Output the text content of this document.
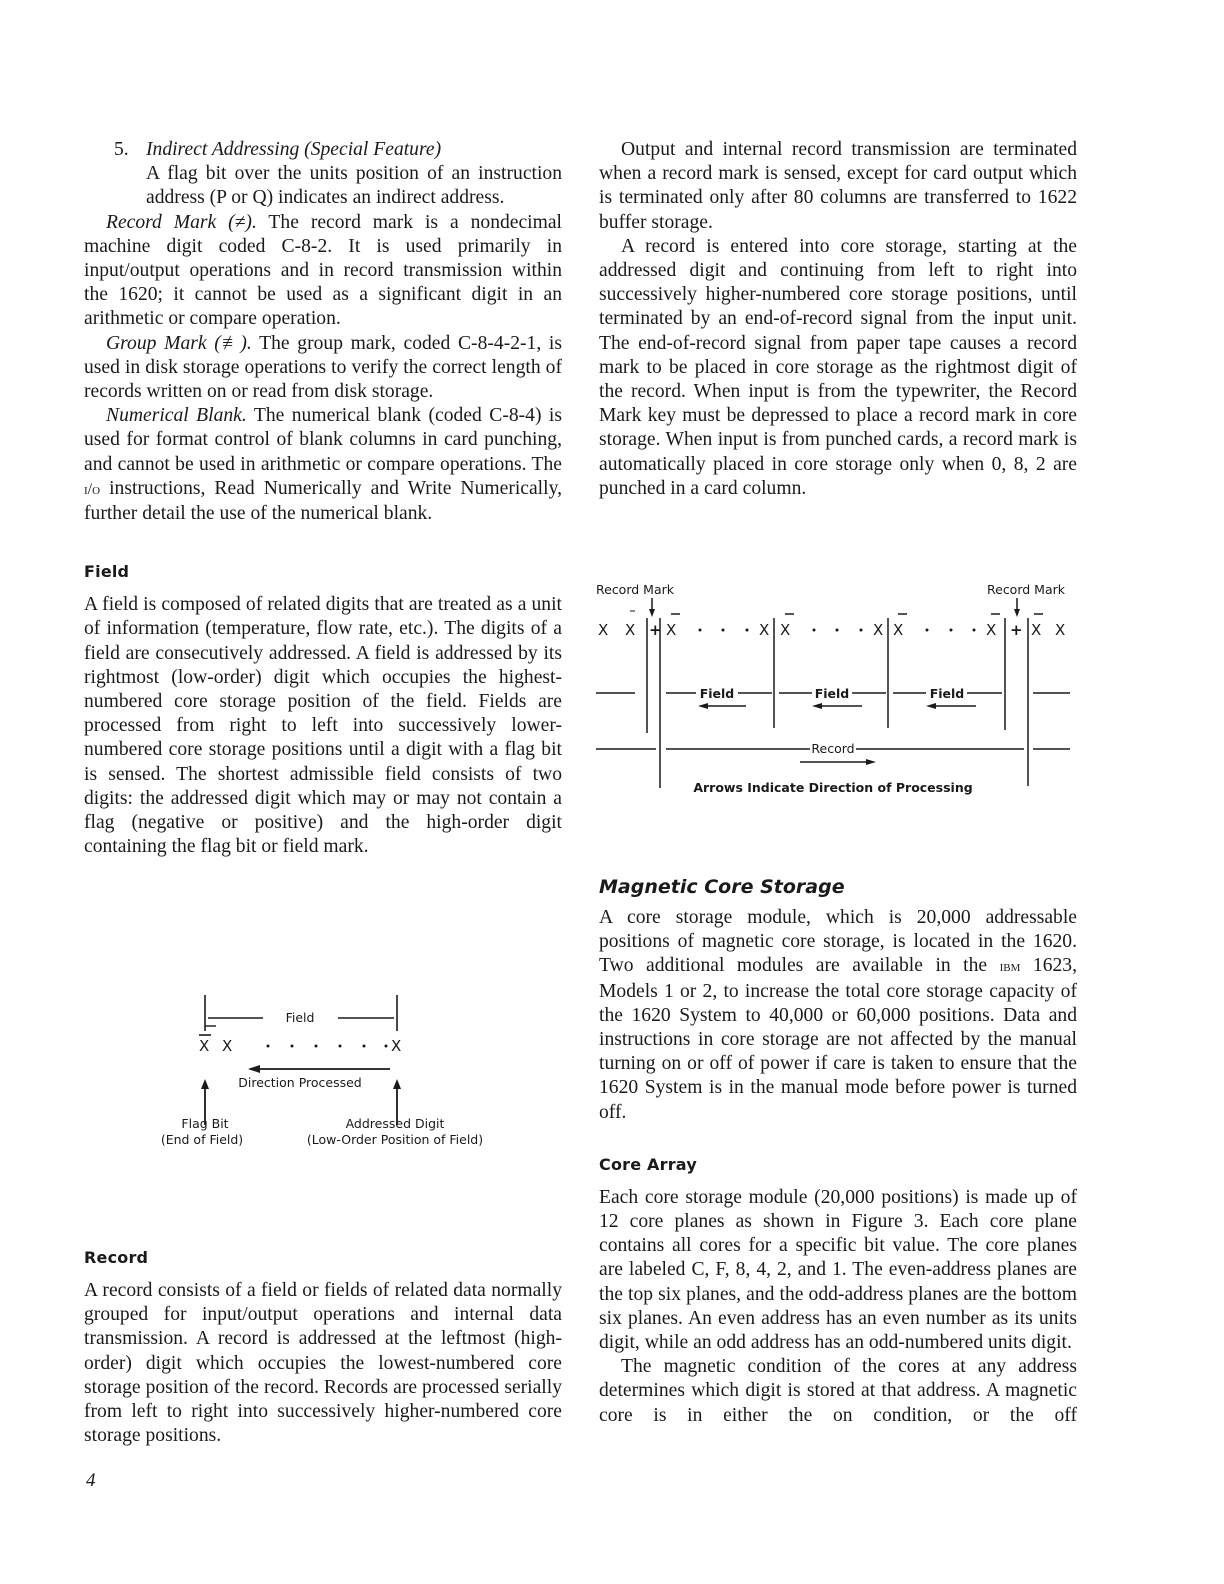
5. Indirect Addressing (Special Feature)

A flag bit over the units position of an instruction address (P or Q) indicates an indirect address.

Record Mark (≠). The record mark is a nondecimal machine digit coded C-8-2. It is used primarily in input/output operations and in record transmission within the 1620; it cannot be used as a significant digit in an arithmetic or compare operation.

Group Mark (≢). The group mark, coded C-8-4-2-1, is used in disk storage operations to verify the correct length of records written on or read from disk storage.

Numerical Blank. The numerical blank (coded C-8-4) is used for format control of blank columns in card punching, and cannot be used in arithmetic or compare operations. The i/o instructions, Read Numerically and Write Numerically, further detail the use of the numerical blank.

Field

A field is composed of related digits that are treated as a unit of information (temperature, flow rate, etc.). The digits of a field are consecutively addressed. A field is addressed by its rightmost (low-order) digit which occupies the highest-numbered core storage position of the field. Fields are processed from right to left into successively lower-numbered core storage positions until a digit with a flag bit is sensed. The shortest admissible field consists of two digits: the addressed digit which may or may not contain a flag (negative or positive) and the high-order digit containing the flag bit or field mark.

Field
X X	X
Direction Processed
Flag Bit
(End of Field)
Addressed Digit
(Low-Order Position of Field)
Record

A record consists of a field or fields of related data normally grouped for input/output operations and internal data transmission. A record is addressed at the leftmost (high-order) digit which occupies the lowest-numbered core storage position of the record. Records are processed serially from left to right into successively higher-numbered core storage positions.

Output and internal record transmission are terminated when a record mark is sensed, except for card output which is terminated only after 80 columns are transferred to 1622 buffer storage.

A record is entered into core storage, starting at the addressed digit and continuing from left to right into successively higher-numbered core storage positions, until terminated by an end-of-record signal from the input unit. The end-of-record signal from paper tape causes a record mark to be placed in core storage as the rightmost digit of the record. When input is from the typewriter, the Record Mark key must be depressed to place a record mark in core storage. When input is from punched cards, a record mark is automatically placed in core storage only when 0, 8, 2 are punched in a card column.

Record Mark	Record Mark
X X + X	X X	X X	X + X X
Field	Field	Field
Record
Arrows Indicate Direction of Processing
Magnetic Core Storage

A core storage module, which is 20,000 addressable positions of magnetic core storage, is located in the 1620. Two additional modules are available in the ibm 1623, Models 1 or 2, to increase the total core storage capacity of the 1620 System to 40,000 or 60,000 positions. Data and instructions in core storage are not affected by the manual turning on or off of power if care is taken to ensure that the 1620 System is in the manual mode before power is turned off.

Core Array

Each core storage module (20,000 positions) is made up of 12 core planes as shown in Figure 3. Each core plane contains all cores for a specific bit value. The core planes are labeled C, F, 8, 4, 2, and 1. The even-address planes are the top six planes, and the odd-address planes are the bottom six planes. An even address has an even number as its units digit, while an odd address has an odd-numbered units digit.

The magnetic condition of the cores at any address determines which digit is stored at that address. A magnetic core is in either the on condition, or the off

4
